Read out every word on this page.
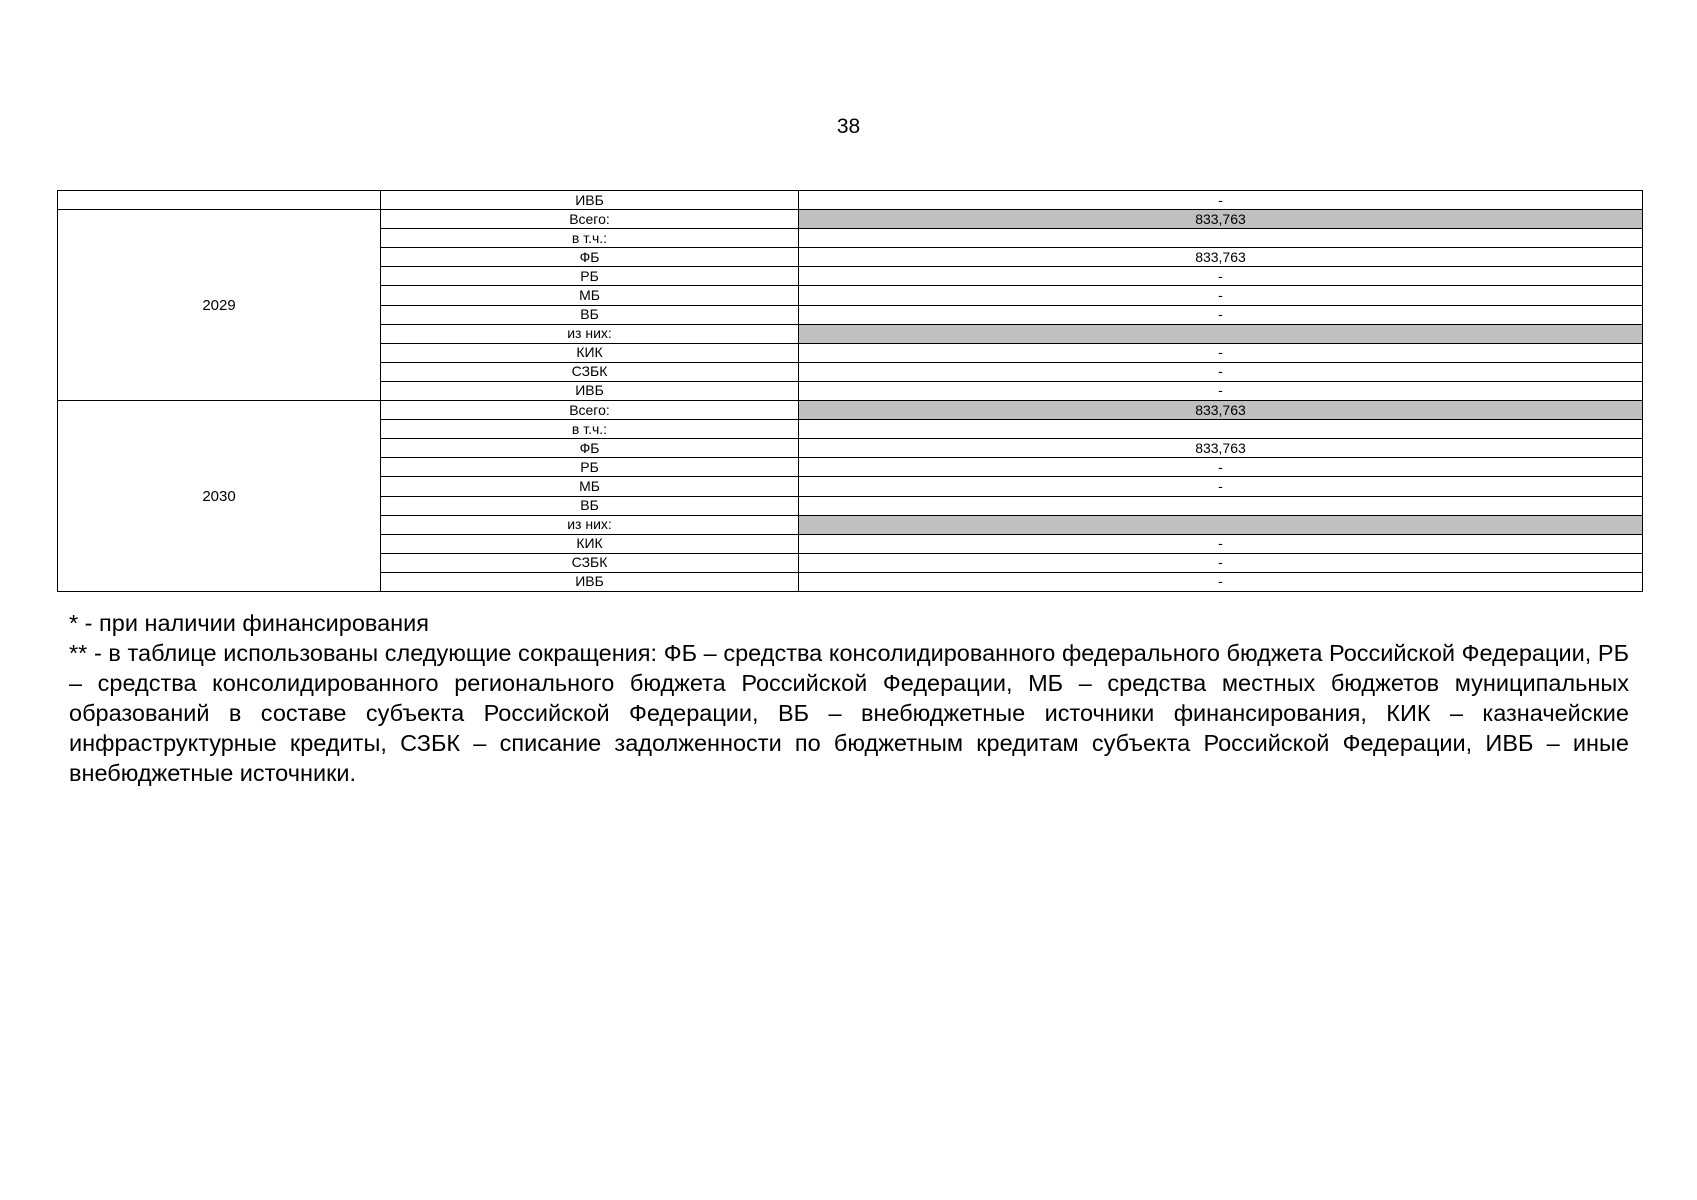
38
	ИВБ	-
2029	Всего:	833,763
	в т.ч.:	
	ФБ	833,763
	РБ	-
	МБ	-
	ВБ	-
	из них:	
	КИК	-
	СЗБК	-
	ИВБ	-
2030	Всего:	833,763
	в т.ч.:	
	ФБ	833,763
	РБ	-
	МБ	-
	ВБ	
	из них:	
	КИК	-
	СЗБК	-
	ИВБ	-

* - при наличии финансирования

** - в таблице использованы следующие сокращения: ФБ – средства консолидированного федерального бюджета Российской Федерации, РБ – средства консолидированного регионального бюджета Российской Федерации, МБ – средства местных бюджетов муниципальных образований в составе субъекта Российской Федерации, ВБ – внебюджетные источники финансирования, КИК – казначейские инфраструктурные кредиты, СЗБК – списание задолженности по бюджетным кредитам субъекта Российской Федерации, ИВБ – иные внебюджетные источники.
